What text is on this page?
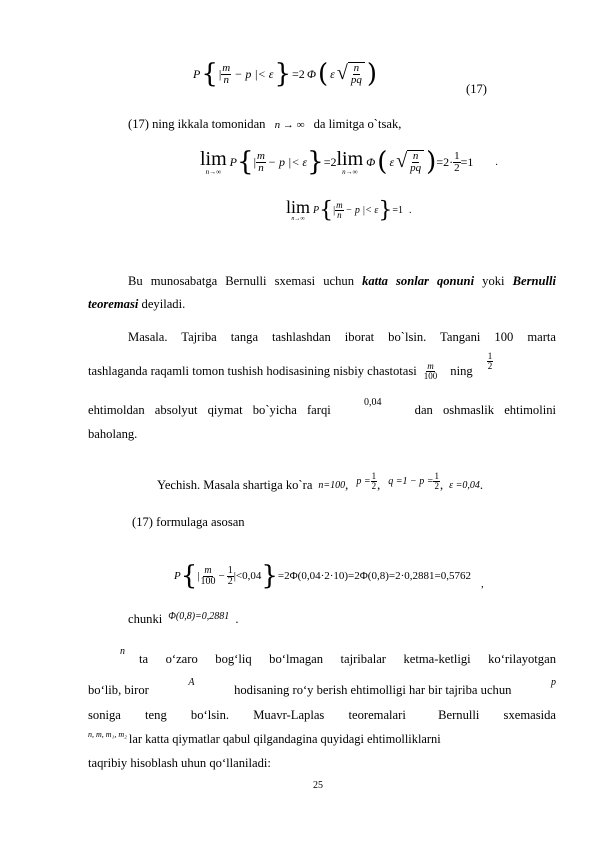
P { | $\frac{m}{n} - p$ |< ε } =2 Φ ( ε √ $\frac{n}{pq}$ )	(17)
(17) ning ikkala tomonidan n → ∞ da limitga o`tsak,
lim
n→∞
P { | $\frac{m}{n} - p$ |< ε } =2 lim
n→∞
Φ ( ε √ $\frac{n}{pq}$ ) $=2\cdot \frac{1}{2} =1$ .
lim
n→∞
P { | $\frac{m}{n} - p$ |< ε } =1 .
Bu munosabatga Bernulli sxemasi uchun katta sonlar qonuni yoki Bernulli teoremasi deyiladi.
Masala. Tajriba tanga tashlashdan iborat bo`lsin. Tangani 100 marta
tashlaganda raqamli tomon tushish hodisasining nisbiy chastotasi $\frac{m}{100}$ ning $\frac{1}{2}$
ehtimoldan absolyut qiymat bo`yicha farqi
0,04
dan oshmaslik ehtimolini
baholang.
Yechish. Masala shartiga ko`ra n=100 , $p = \frac{1}{2}$ , $q =1 - p = \frac{1}{2}$ , ε =0,04 .
(17) formulaga asosan
P { | $\frac{m}{100} - \frac{1}{2} |<0,04$ } =2Φ(0,04·2·10)=2Φ(0,8)=2·0,2881=0,5762
,
chunki Φ(0,8)=0,2881 .
n
ta o‘zaro bog‘liq bo‘lmagan tajribalar ketma-ketligi ko‘rilayotgan
bo‘lib, biror
A
hodisaning ro‘y berish ehtimolligi har bir tajriba uchun
p
soniga   teng   bo‘lsin.   Muavr-Laplas   teoremalari    Bernulli   sxemasida
n, m, m₁, m₂ lar katta qiymatlar qabul qilgandagina quyidagi ehtimolliklarni
taqribiy hisoblash uhun qo‘llaniladi:
25
